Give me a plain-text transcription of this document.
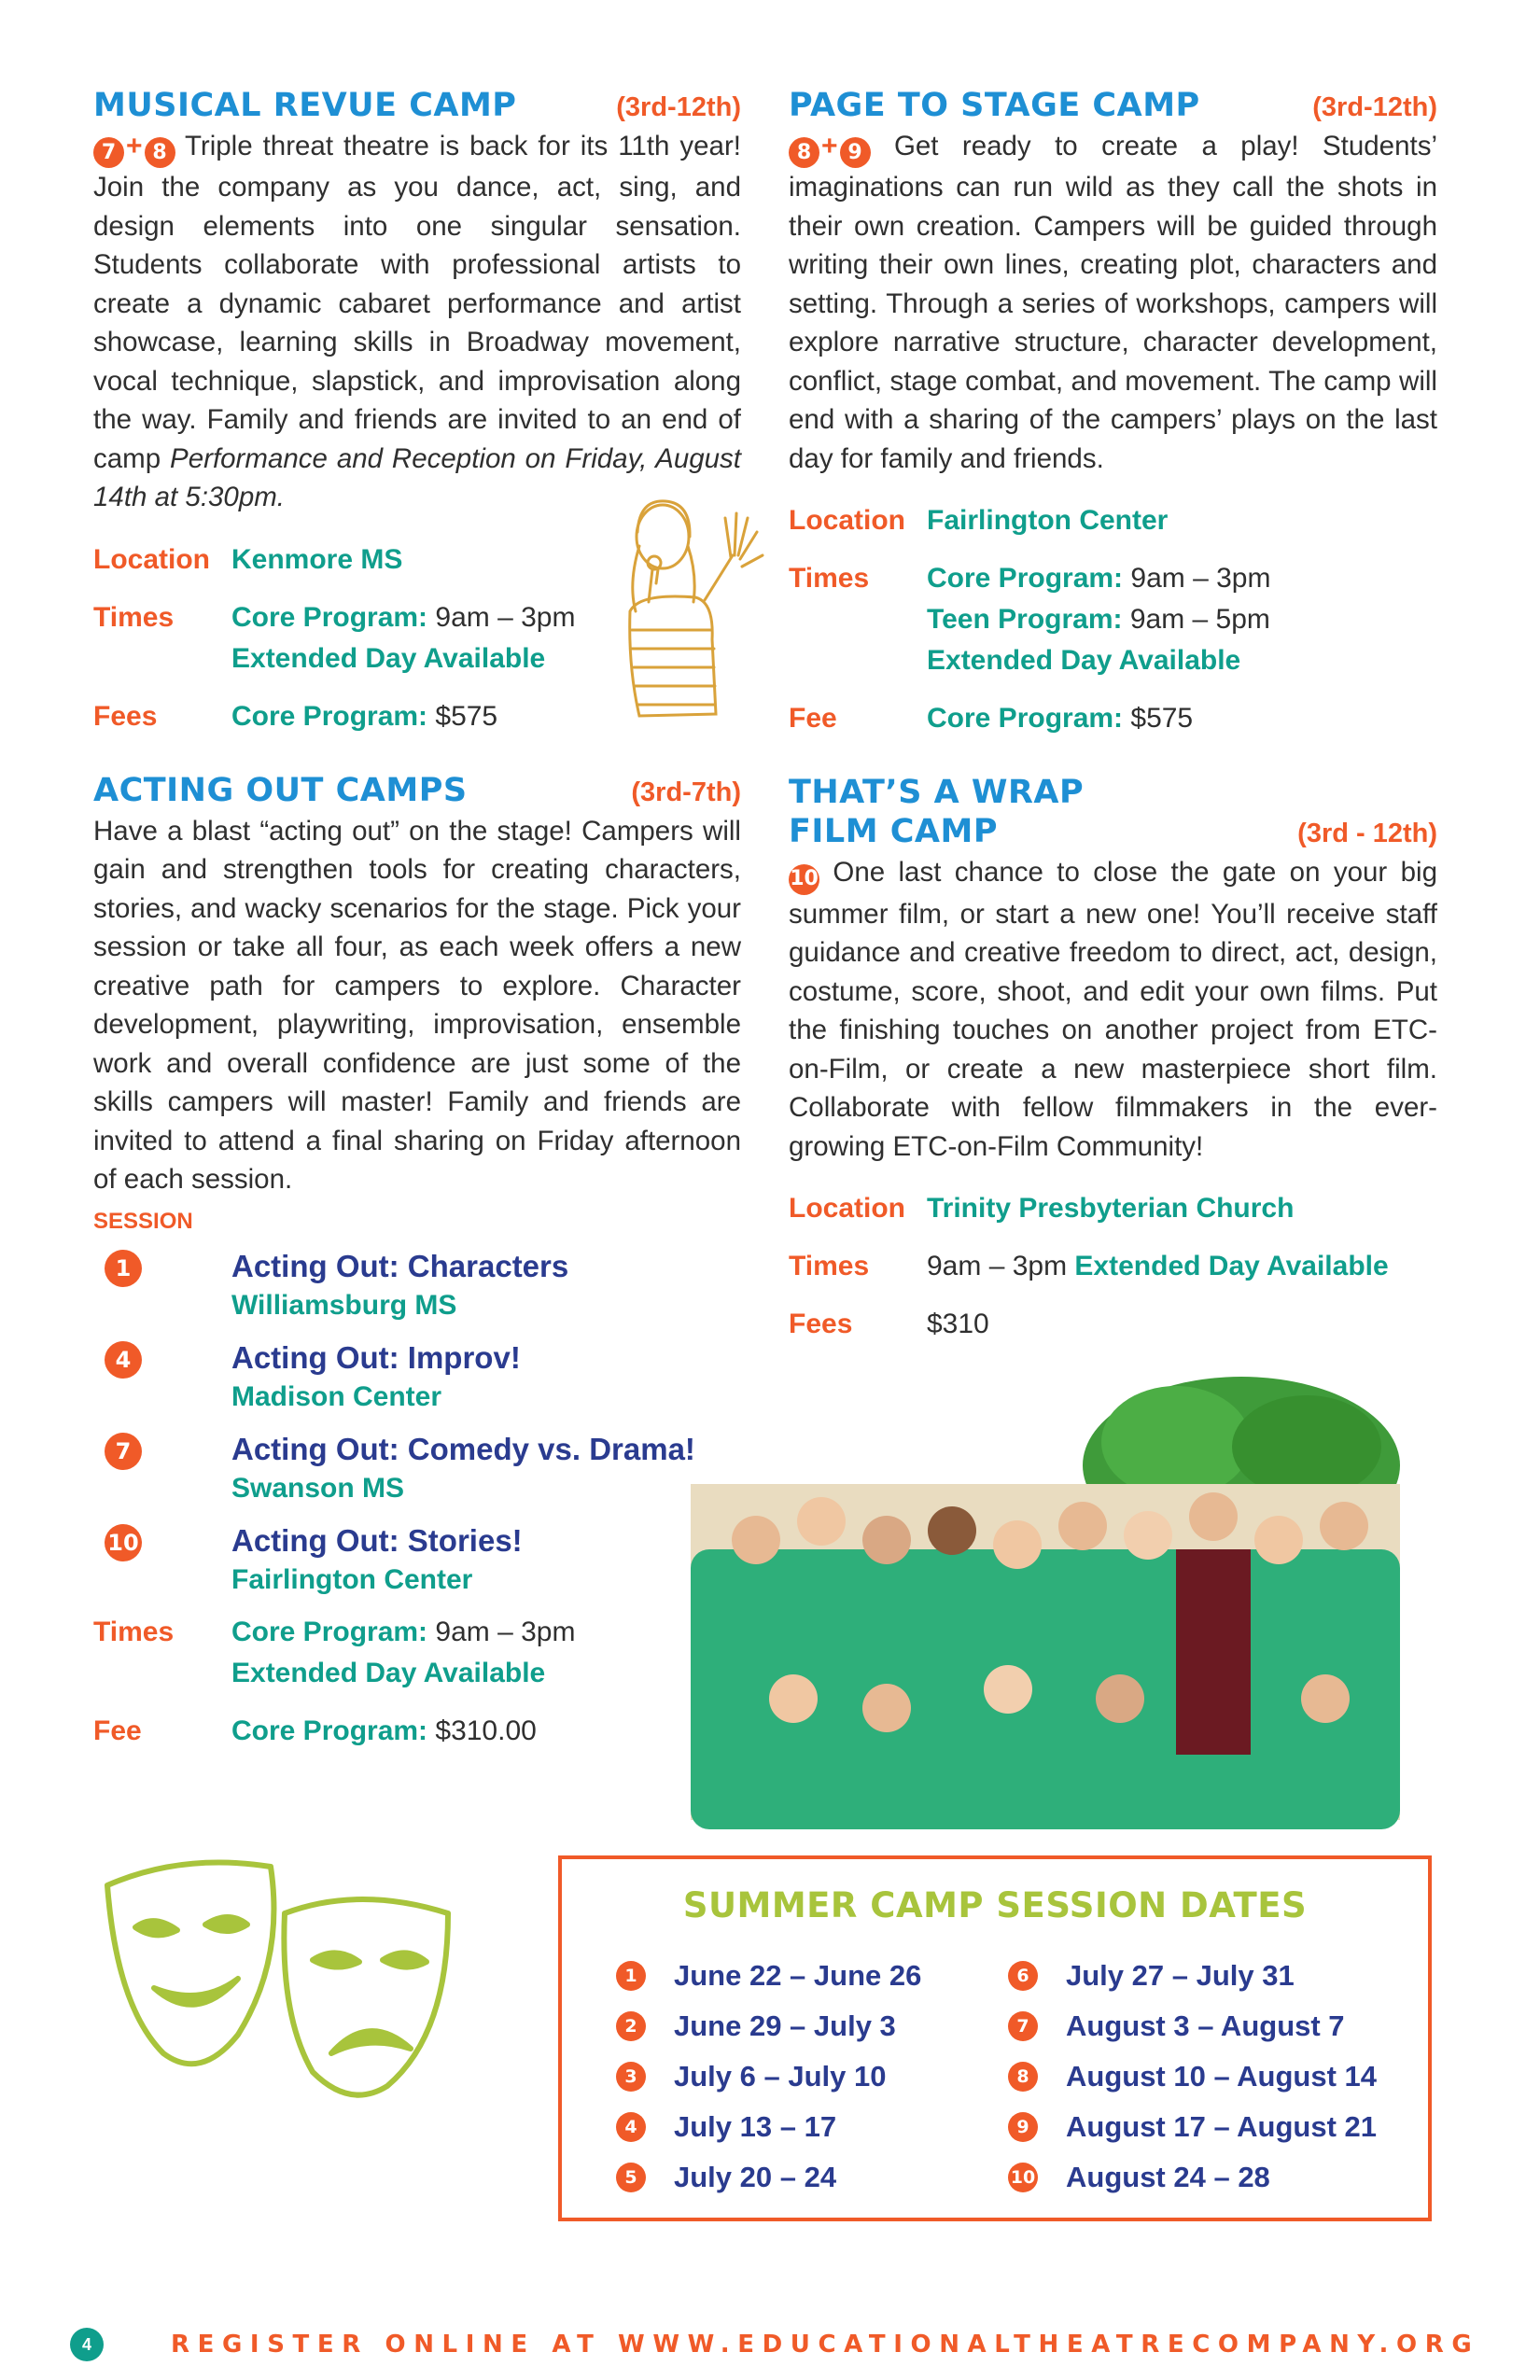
MUSICAL REVUE CAMP	(3rd-12th)

7 + 8 Triple threat theatre is back for its 11th year! Join the company as you dance, act, sing, and design elements into one singular sensation. Students collaborate with professional artists to create a dynamic cabaret performance and artist showcase, learning skills in Broadway movement, vocal technique, slapstick, and improvisation along the way. Family and friends are invited to an end of camp Performance and Reception on Friday, August 14th at 5:30pm.

Location Kenmore MS
Times	Core Program: 9am – 3pm
Extended Day Available
Fees	Core Program: $575
ACTING OUT CAMPS	(3rd-7th)

Have a blast “acting out” on the stage! Campers will gain and strengthen tools for creating characters, stories, and wacky scenarios for the stage. Pick your session or take all four, as each week offers a new creative path for campers to explore. Character development, playwriting, improvisation, ensemble work and overall confidence are just some of the skills campers will master! Family and friends are invited to attend a final sharing on Friday afternoon of each session.

SESSION
1	Acting Out: Characters
Williamsburg MS
4	Acting Out: Improv!
Madison Center
7	Acting Out: Comedy vs. Drama!
Swanson MS
10	Acting Out: Stories!
Fairlington Center
Times	Core Program: 9am – 3pm
Extended Day Available
Fee	Core Program: $310.00
PAGE TO STAGE CAMP	(3rd-12th)

8 + 9 Get ready to create a play! Students’ imaginations can run wild as they call the shots in their own creation. Campers will be guided through writing their own lines, creating plot, characters and setting. Through a series of workshops, campers will explore narrative structure, character development, conflict, stage combat, and movement. The camp will end with a sharing of the campers’ plays on the last day for family and friends.

Location Fairlington Center
Times	Core Program: 9am – 3pm
Teen Program: 9am – 5pm
Extended Day Available
Fee	Core Program: $575
THAT’S A WRAP
FILM CAMP	(3rd - 12th)

10 One last chance to close the gate on your big summer film, or start a new one! You’ll receive staff guidance and creative freedom to direct, act, design, costume, score, shoot, and edit your own films. Put the finishing touches on another project from ETC-on-Film, or create a new masterpiece short film. Collaborate with fellow filmmakers in the ever-growing ETC-on-Film Community!

Location Trinity Presbyterian Church
Times	9am – 3pm Extended Day Available
Fees	$310
SUMMER CAMP SESSION DATES
1	June 22 – June 26
2	June 29 – July 3
3	July 6 – July 10
4	July 13 – 17
5	July 20 – 24
6	July 27 – July 31
7	August 3 – August 7
8	August 10 – August 14
9	August 17 – August 21
10 August 24 – 28
4	REGISTER ONLINE AT WWW.EDUCATIONALTHEATRECOMPANY.ORG
